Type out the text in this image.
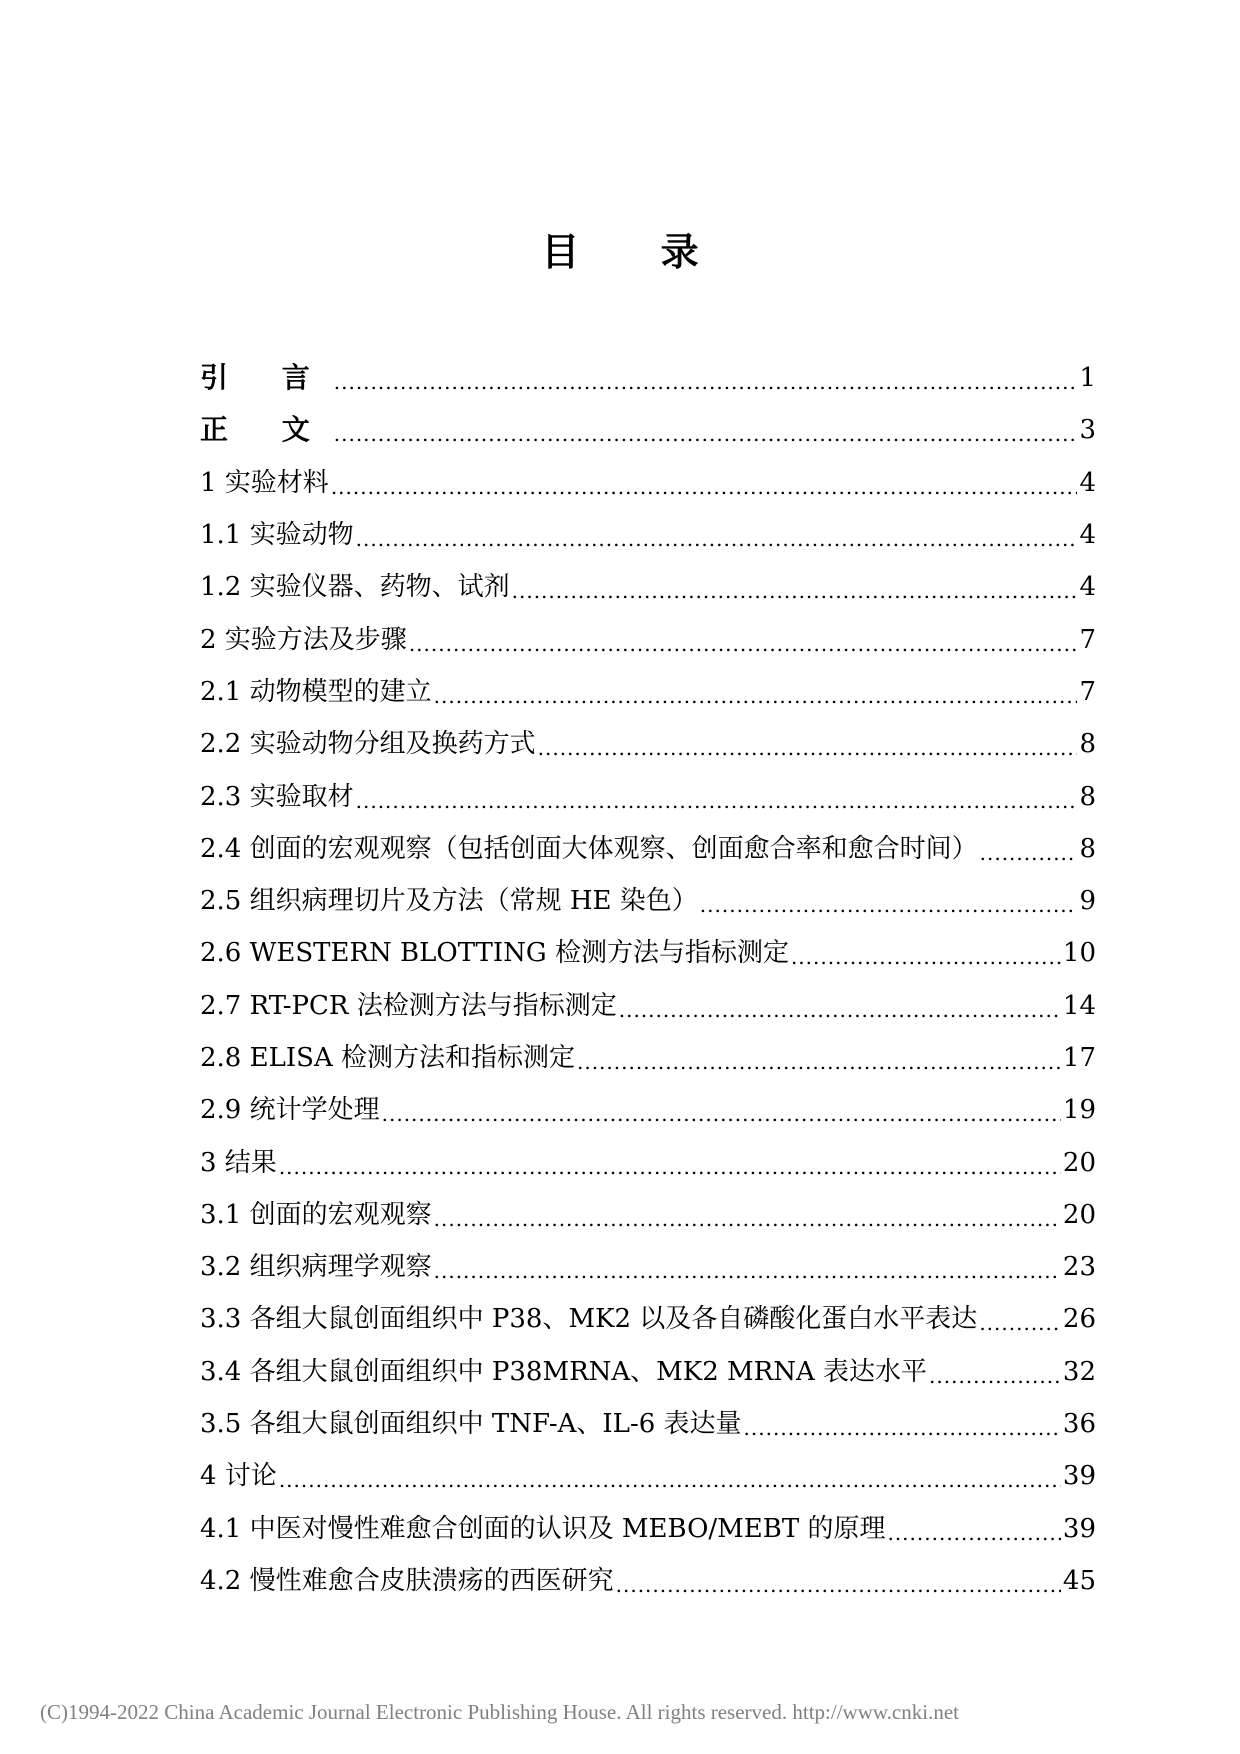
目 录
引 言 .....	1
正 文 .....	3
1 实验材料 .....	4
1.1 实验动物 .....	4
1.2 实验仪器、药物、试剂 .....	4
2 实验方法及步骤 .....	7
2.1 动物模型的建立 .....	7
2.2 实验动物分组及换药方式 .....	8
2.3 实验取材 .....	8
2.4 创面的宏观观察（包括创面大体观察、创面愈合率和愈合时间） .....	8
2.5 组织病理切片及方法（常规 HE 染色） .....	9
2.6 WESTERN BLOTTING 检测方法与指标测定 .....	10
2.7 RT-PCR 法检测方法与指标测定 .....	14
2.8 ELISA 检测方法和指标测定 .....	17
2.9 统计学处理 .....	19
3 结果 .....	20
3.1 创面的宏观观察 .....	20
3.2 组织病理学观察 .....	23
3.3 各组大鼠创面组织中 P38、MK2 以及各自磷酸化蛋白水平表达 .....	26
3.4 各组大鼠创面组织中 P38MRNA、MK2 MRNA 表达水平 .....	32
3.5 各组大鼠创面组织中 TNF-A、IL-6 表达量 .....	36
4 讨论 .....	39
4.1 中医对慢性难愈合创面的认识及 MEBO/MEBT 的原理 .....	39
4.2 慢性难愈合皮肤溃疡的西医研究 .....	45
(C)1994-2022 China Academic Journal Electronic Publishing House. All rights reserved. http://www.cnki.net
